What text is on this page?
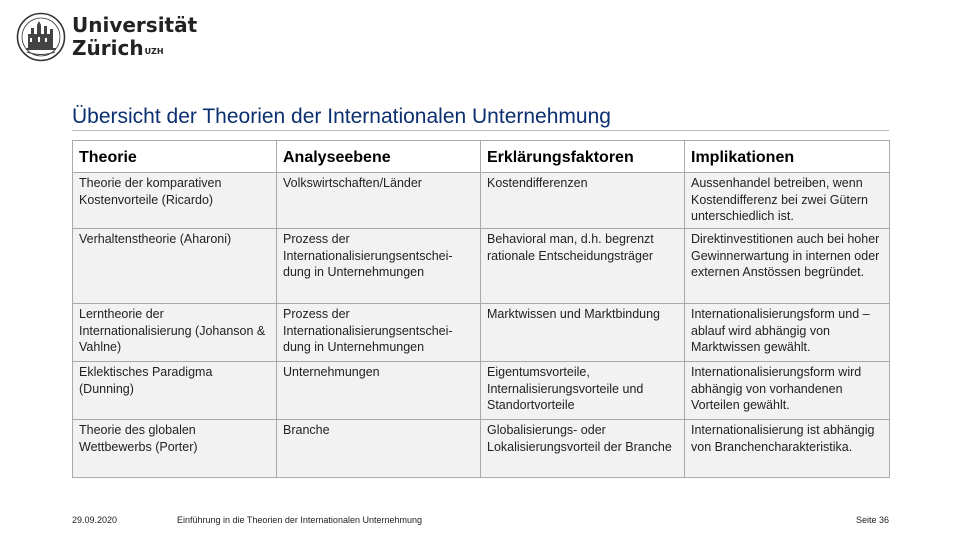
Universität
Zürich$^{UZH}$
Übersicht der Theorien der Internationalen Unternehmung
Theorie	Analyseebene	Erklärungsfaktoren	Implikationen
Theorie der komparativen Kostenvorteile (Ricardo)	Volkswirtschaften/Länder	Kostendifferenzen	Aussenhandel betreiben, wenn Kostendifferenz bei zwei Gütern unterschiedlich ist.
Verhaltenstheorie (Aharoni)	Prozess der Internationalisierungsentschei-dung in Unternehmungen	Behavioral man, d.h. begrenzt rationale Entscheidungsträger	Direktinvestitionen auch bei hoher Gewinnerwartung in internen oder externen Anstössen begründet.
Lerntheorie der Internationalisierung (Johanson & Vahlne)	Prozess der Internationalisierungsentschei-dung in Unternehmungen	Marktwissen und Marktbindung	Internationalisierungsform und –ablauf wird abhängig von Marktwissen gewählt.
Eklektisches Paradigma (Dunning)	Unternehmungen	Eigentumsvorteile, Internalisierungsvorteile und Standortvorteile	Internationalisierungsform wird abhängig von vorhandenen Vorteilen gewählt.
Theorie des globalen Wettbewerbs (Porter)	Branche	Globalisierungs- oder Lokalisierungsvorteil der Branche	Internationalisierung ist abhängig von Branchencharakteristika.
29.09.2020	Einführung in die Theorien der Internationalen Unternehmung	Seite 36
